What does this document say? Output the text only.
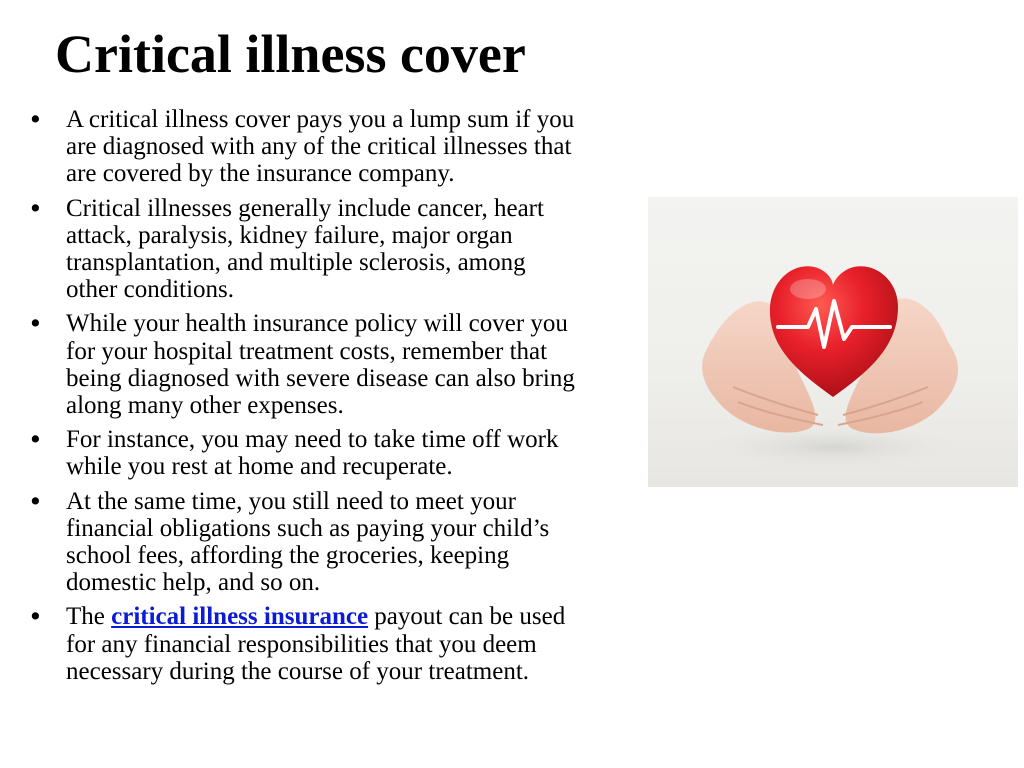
Critical illness cover
• A critical illness cover pays you a lump sum if you
are diagnosed with any of the critical illnesses that
are covered by the insurance company.
• Critical illnesses generally include cancer, heart
attack, paralysis, kidney failure, major organ
transplantation, and multiple sclerosis, among
other conditions.
• While your health insurance policy will cover you
for your hospital treatment costs, remember that
being diagnosed with severe disease can also bring
along many other expenses.
• For instance, you may need to take time off work
while you rest at home and recuperate.
• At the same time, you still need to meet your
financial obligations such as paying your child’s
school fees, affording the groceries, keeping
domestic help, and so on.
• The critical illness insurance payout can be used
for any financial responsibilities that you deem
necessary during the course of your treatment.
